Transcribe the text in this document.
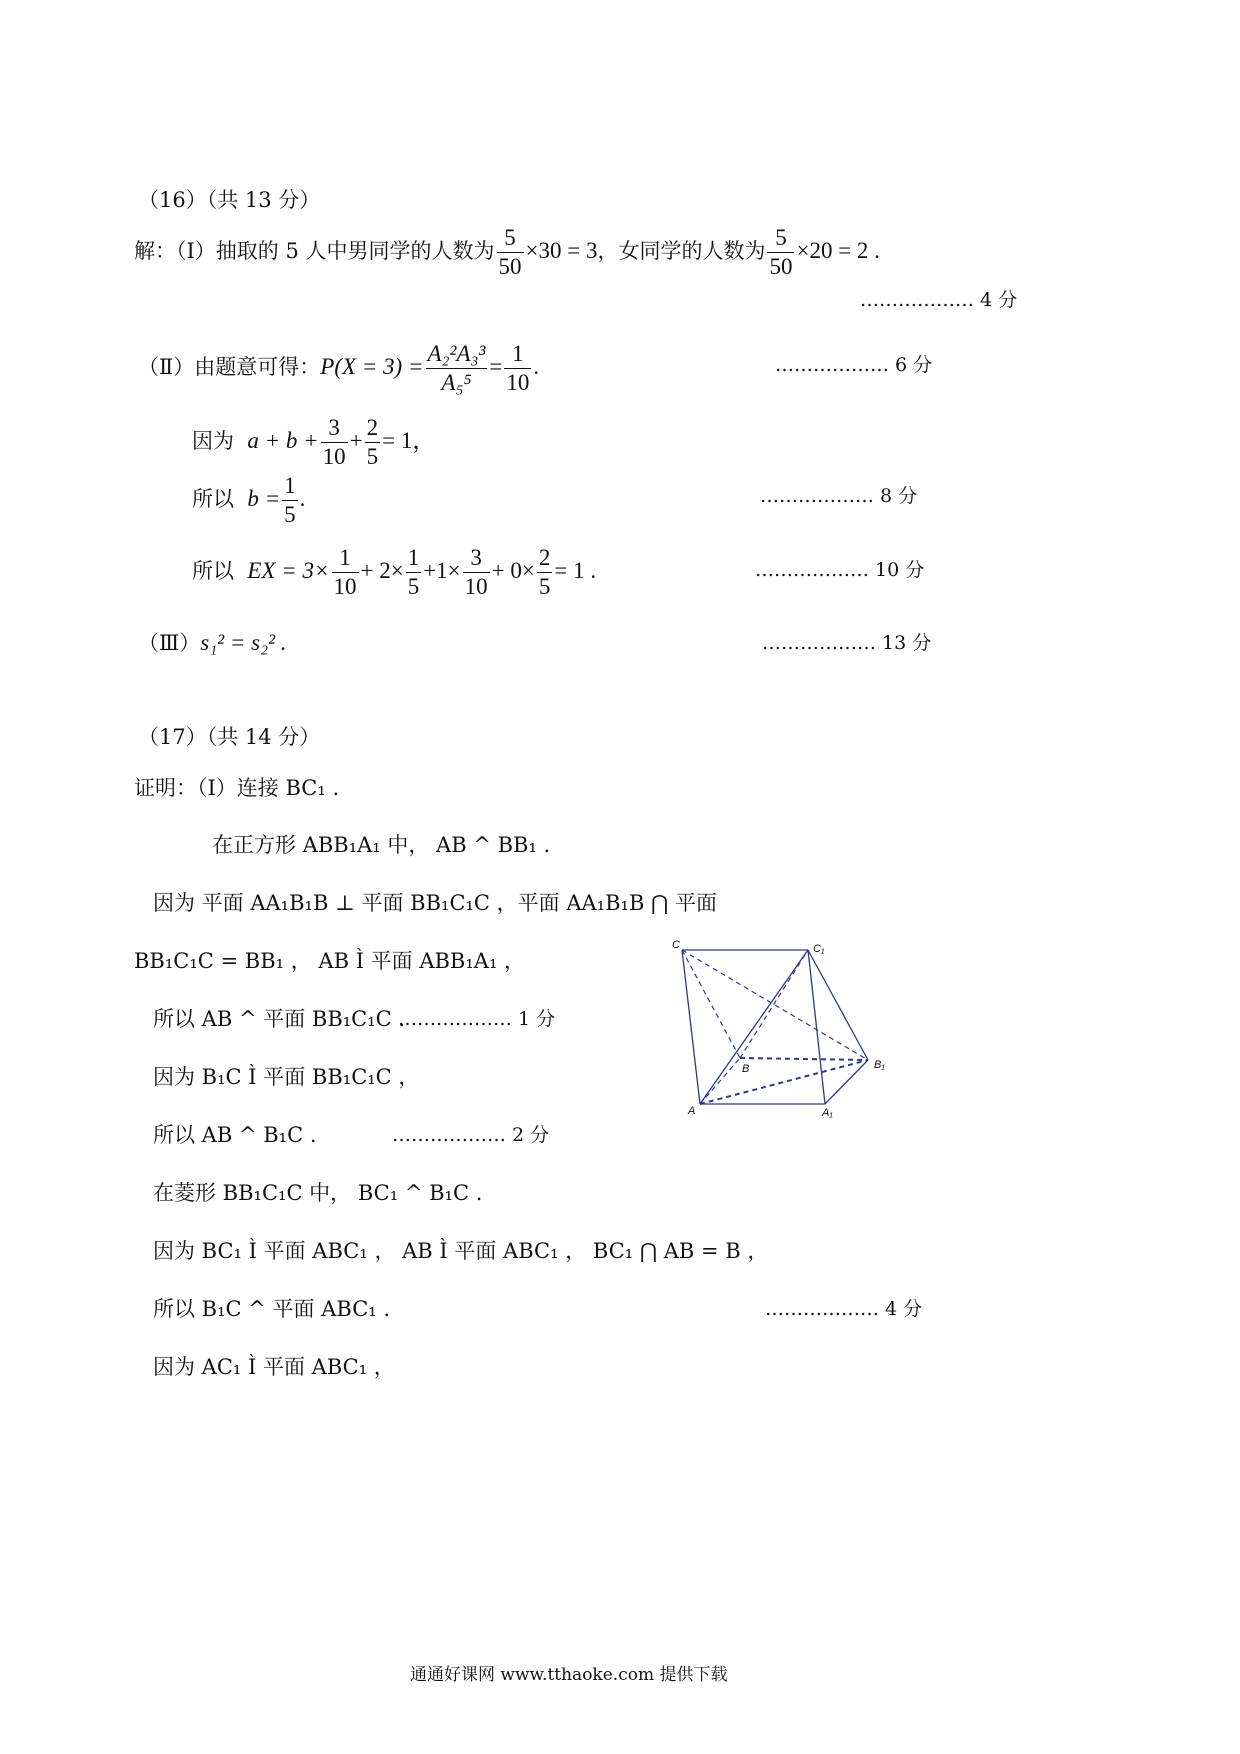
（16）（共 13 分）
解：（Ⅰ）抽取的 5 人中男同学的人数为 $\frac{5}{50} \times 30 = 3$，女同学的人数为 $\frac{5}{50} \times 20 = 2$ .
……………… 4 分
（Ⅱ）由题意可得：$P(X = 3) = \frac{\text{A₂²A₃³}}{\text{A₅⁵}} = \frac{1}{10}$ .	……………… 6 分
因为 $a + b + \frac{3}{10} + \frac{2}{5} = 1$，
所以 $b = \frac{1}{5}$ .	……………… 8 分
所以 EX = $3\times \frac{1}{10} + 2\times \frac{1}{5} +1\times \frac{3}{10} + 0\times \frac{2}{5} = 1$ .	……………… 10 分
（Ⅲ）s₁² = s₂² .	……………… 13 分
（17）（共 14 分）
证明：（Ⅰ）连接 BC₁ .
在正方形 ABB₁A₁ 中， AB ^ BB₁ .
因为 平面 AA₁B₁B ⊥ 平面 BB₁C₁C ，平面 AA₁B₁B ⋂ 平面
BB₁C₁C = BB₁ ， AB Ì 平面 ABB₁A₁ ，
所以 AB ^ 平面 BB₁C₁C .
……………… 1 分
因为 B₁C Ì 平面 BB₁C₁C ，
所以 AB ^ B₁C .	……………… 2 分
在菱形 BB₁C₁C 中， BC₁ ^ B₁C .
因为 BC₁ Ì 平面 ABC₁ ， AB Ì 平面 ABC₁ ， BC₁ ⋂ AB = B ，
所以 B₁C ^ 平面 ABC₁ .	……………… 4 分
因为 AC₁ Ì 平面 ABC₁ ，
C	C₁
B	B₁
A	A₁
通通好课网 www.tthaoke.com 提供下载
